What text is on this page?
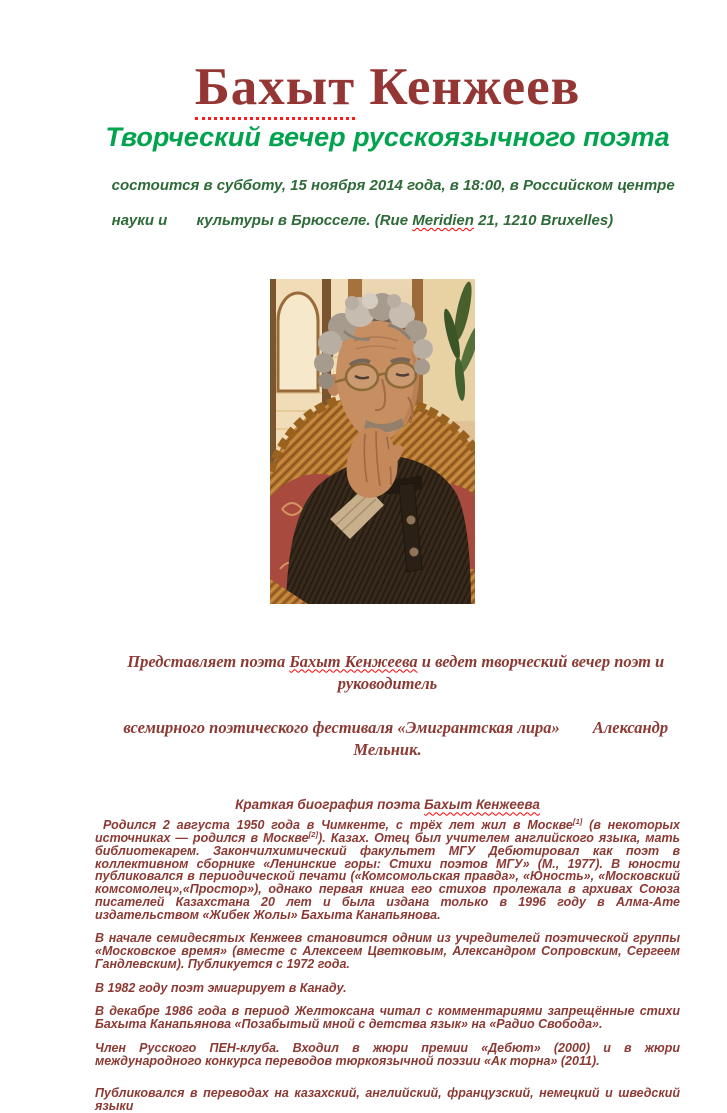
Бахыт Кенжеев
Творческий вечер русскоязычного поэта

состоится в субботу, 15 ноября 2014 года, в 18:00, в Российском центре

науки и       культуры в Брюсселе. (Rue Meridien 21, 1210 Bruxelles)

Представляет поэта Бахыт Кенжеева и ведет творческий вечер поэт и руководитель

всемирного поэтического фестиваля «Эмигрантская лира»        Александр Мельник.

Краткая биография поэта Бахыт Кенжеева

Родился 2 августа 1950 года в Чимкенте, с трёх лет жил в Москве[1] (в некоторых источниках — родился в Москве[2]). Казах. Отец был учителем английского языка, мать библиотекарем. Закончилхимический факультет МГУ Дебютировал как поэт в коллективном сборнике «Ленинские горы: Стихи поэтов МГУ» (М., 1977). В юности публиковался в периодической печати («Комсомольская правда», «Юность», «Московский комсомолец»,«Простор»), однако первая книга его стихов пролежала в архивах Союза писателей Казахстана 20 лет и была издана только в 1996 году в Алма-Ате издательством «Жибек Жолы» Бахыта Канапьянова.

В начале семидесятых Кенжеев становится одним из учредителей поэтической группы «Московское время» (вместе с Алексеем Цветковым, Александром Сопровским, Сергеем Гандлевским). Публикуется с 1972 года.

В 1982 году поэт эмигрирует в Канаду.

В декабре 1986 года в период Желтоксана читал с комментариями запрещённые стихи Бахыта Канапьянова «Позабытый мной с детства язык» на «Радио Свобода».

Член Русского ПЕН-клуба. Входил в жюри премии «Дебют» (2000) и в жюри международного конкурса переводов тюркоязычной поэзии «Ак торна» (2011).

Публиковался в переводах на казахский, английский, французский, немецкий и шведский языки
